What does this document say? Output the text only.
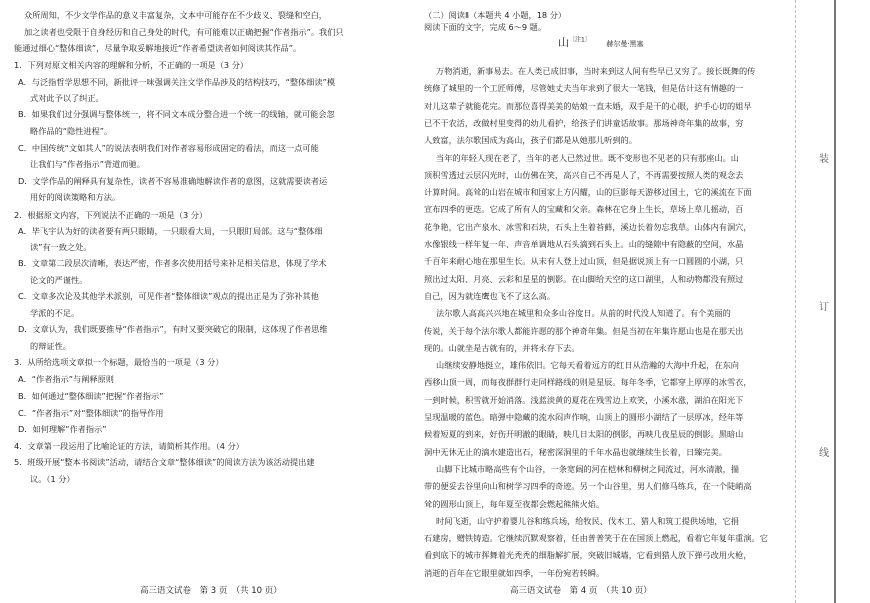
众所周知，不少文学作品的意义丰富复杂，文本中可能存在不少歧义、裂缝和空白，
加之读者也受限于自身经历和自己身处的时代，有可能难以正确把握“作者指示”。我们只
能通过细心“整体细读”，尽量争取妥解地接近“作者希望读者如何阅读其作品”。
1．下列对原文相关内容的理解和分析，不正确的一项是（3 分）
A．与泛指哲学思想不同，新批评一味强调关注文学作品涉及的结构技巧，“整体细读”模
式对此予以了纠正。
B．如果我们过分强调与整体统一，将不同文本成分整合进一个统一的线轴，就可能会忽
略作品的“隐性进程”。
C．中国传统“文如其人”的说法表明我们对作者容易形成固定的看法，而这一点可能
让我们与“作者指示”背道而驰。
D．文学作品的阐释具有复杂性，读者不容易准确地解读作者的意图，这就需要读者运
用好的阅读策略和方法。
2．根据原文内容，下列说法不正确的一项是（3 分）
A．毕飞宇认为好的读者要有两只眼睛，一只眼看大局，一只眼盯局部。这与“整体细
读”有一致之处。
B．文章第二段层次清晰，表达严密，作者多次使用括号来补足相关信息，体现了学术
论文的严谨性。
C．文章多次论及其他学术派别，可见作者“整体细读”观点的提出正是为了弥补其他
学派的不足。
D．文章认为，我们既要推导“作者指示”，有时又要突破它的限制，这体现了作者思维
的辩证性。
3．从所给选项文章拟一个标题，最恰当的一项是（3 分）
A．“作者指示”与阐释原则
B．如何通过“整体细读”把握“作者指示”
C．“作者指示”对“整体细读”的指导作用
D．如何理解“作者指示”
4．文章第一段运用了比喻论证的方法，请简析其作用。（4 分）
5．班级开展“整本书阅读”活动，请结合文章“整体细读”的阅读方法为该活动提出建
议。（1 分）
高三语文试卷　第 3 页　（共 10 页）
（二）阅读Ⅱ（本题共 4 小题，18 分）
阅读下面的文字，完成 6～9 题。
山$^{〔注1〕}$ 赫尔曼·黑塞
万物消逝，新事易去。在人类已成旧事，当时来到这人间有些早已又穷了。接长既舞的传
统修了城里的一个工匠师傅，尽管她丈夫当年求到了很大一笔钱，但是估计这有情趣的一
对儿这辈子就能花完。而那位喜得美美的姑娘一直未婚，双手是干的心眼，护手心切的姐早
已不干农活，改做村里变得的幼儿看护，给孩子们讲童话故事。那场神奇年集的故事，穷
人致富，法尔歌国成为高山，孩子们都是从她那儿听到的。
当年的年轻人现在老了，当年的老人已然过世。既不变形也不见老的只有那座山。山
顶积雪透过云层闪光时，山仿佛在笑，高兴自己不再是人了，不再需要按照人类的观念去
计算时间。高耸的山岩在城市和国家上方闪耀，山的巨影每天游移过国土，它的溪流在下面
宣布四季的更迭。它成了所有人的宝藏和父亲。森林在它身上生长，草场上草儿摇动，百
花争艳，它出产泉水、冰雪和石块，石头上生着苔藓，溪边长着勿忘我草。山体内有洞穴，
水像银线一样年复一年、声音单调地从石头滴到石头上。山的缝隙中有隐蔽的空间，水晶
千百年来耐心地在那里生长。从未有人登上过山顶，但是据说顶上有一口圆圆的小湖，只
照出过太阳、月亮、云彩和星星的倒影。在山脚给天空的这口湖里，人和动物都没有照过
自己，因为就连鹰也飞不了这么高。
法尔歌人高高兴兴地在城里和众多山谷度日。从前的时代没人知道了。有个美丽的
传说，关于每个法尔歌人都能许愿的那个神奇年集。但是当初在年集许愿山也是在那天出
现的。山就坐是古就有的，并将永存下去。
山继续安静地挺立，雄伟依旧。它每天看着远方的红日从浩瀚的大海中升起，在东向
西移山顶一周，而每夜群群行走同样路线的则是星辰。每年冬季，它都穿上厚厚的冰雪衣，
一到时候，积雪就开始消落。浅蓝淡黄的夏花在残雪边上欢笑，小溪水涨，湖泊在阳光下
呈现温暖的蓝色。暗弹中隐藏的流水闷声作响，山顶上的圆形小湖结了一层厚冰，经年等
候着短夏的到来，好伤开明澈的眼睛，映几日太阳的倒影，再映几夜星辰的倒影。黑暗山
洞中无休无止的滴水建造出石，秘密深洞里的千年水晶也就继续生长着，日臻完美。
山脚下比城市略高些有个山谷，一条宽阔的河在桤林和柳树之间流过，河水清澈，揣
带的便妥去谷里向山和树学习四季的奇迹。另一个山谷里，男人们修马练兵，在一个陡峭高
耸的圆形山顶上，每年夏至夜都会燃起熊熊火焰。
时间飞逝，山守护着婴儿谷和练兵场，给牧民、伐木工、猎人和筑工提供场地，它捐
石建房，赠铁铸造。它继续沉默观察着，任由普普笑于在在国顶上燃起，看着它年复年重演。它
看到底下的城市挥舞着光秃秃的细脂解扩展，突破旧城墙，它看到猎人放下弹弓改用火枪，
消逝的百年在它眼里就如四季，一年份宛若转瞬。
高三语文试卷　第 4 页　（共 10 页）
装
订
线
